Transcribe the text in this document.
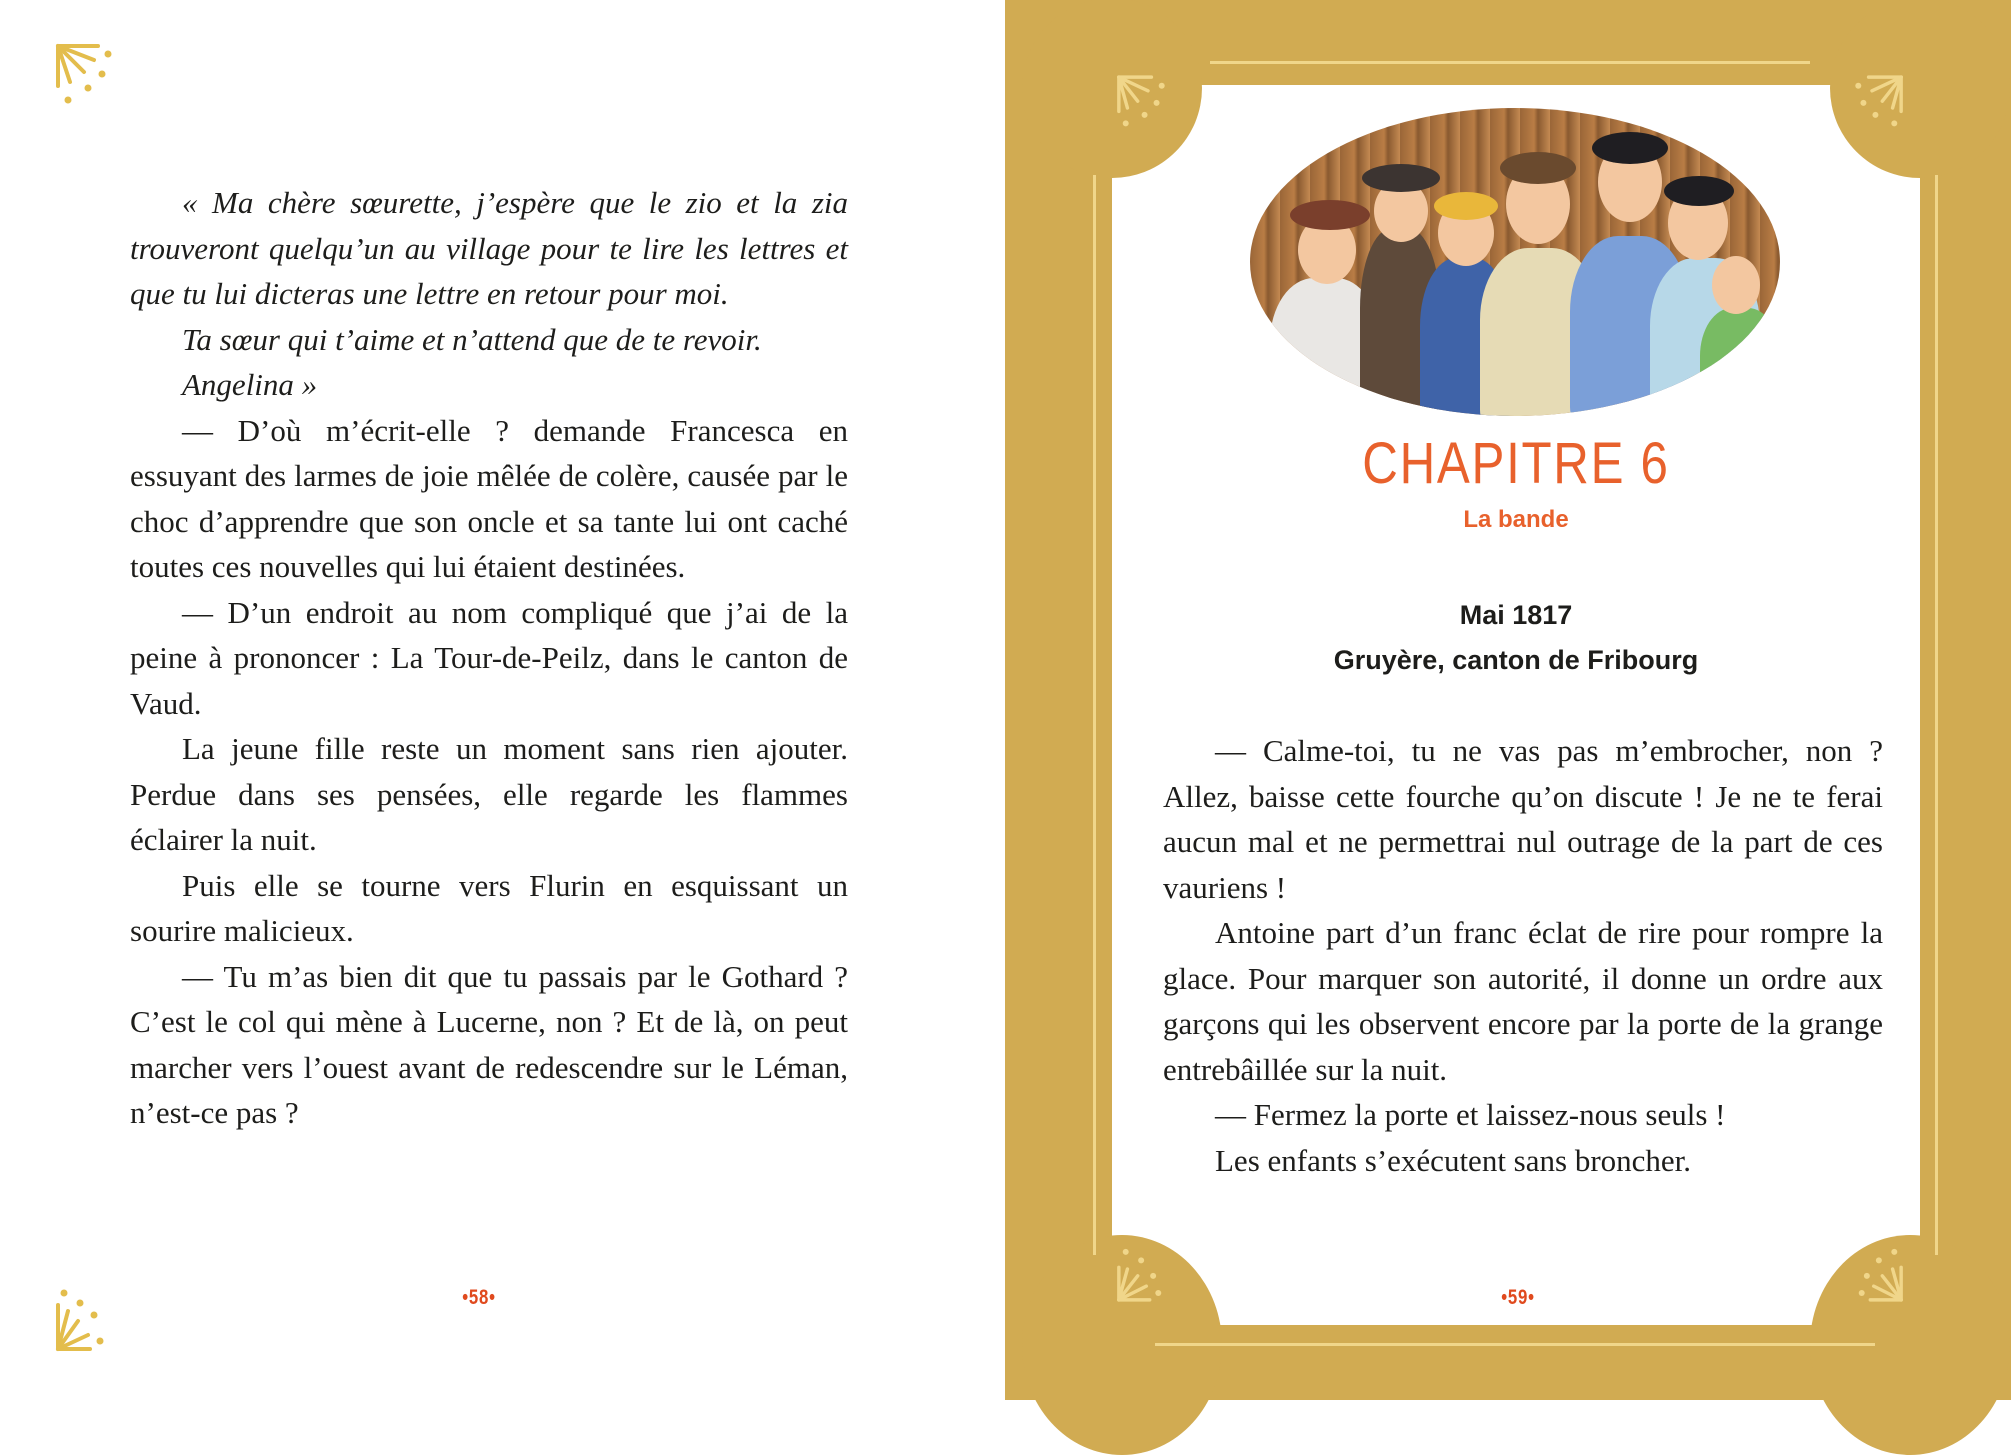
« Ma chère sœurette, j’espère que le zio et la zia trouveront quelqu’un au village pour te lire les lettres et que tu lui dicteras une lettre en retour pour moi.

Ta sœur qui t’aime et n’attend que de te revoir.

Angelina »

— D’où m’écrit-elle ? demande Francesca en essuyant des larmes de joie mêlée de colère, causée par le choc d’apprendre que son oncle et sa tante lui ont caché toutes ces nouvelles qui lui étaient destinées.

— D’un endroit au nom compliqué que j’ai de la peine à prononcer : La Tour-de-Peilz, dans le canton de Vaud.

La jeune fille reste un moment sans rien ajouter. Perdue dans ses pensées, elle regarde les flammes éclairer la nuit.

Puis elle se tourne vers Flurin en esquissant un sourire malicieux.

— Tu m’as bien dit que tu passais par le Gothard ? C’est le col qui mène à Lucerne, non ? Et de là, on peut marcher vers l’ouest avant de redescendre sur le Léman, n’est-ce pas ?

•58•
CHAPITRE 6
La bande
Mai 1817
Gruyère, canton de Fribourg

— Calme-toi, tu ne vas pas m’embrocher, non ? Allez, baisse cette fourche qu’on discute ! Je ne te ferai aucun mal et ne permettrai nul outrage de la part de ces vauriens !

Antoine part d’un franc éclat de rire pour rompre la glace. Pour marquer son autorité, il donne un ordre aux garçons qui les observent encore par la porte de la grange entrebâillée sur la nuit.

— Fermez la porte et laissez-nous seuls !

Les enfants s’exécutent sans broncher.

•59•
